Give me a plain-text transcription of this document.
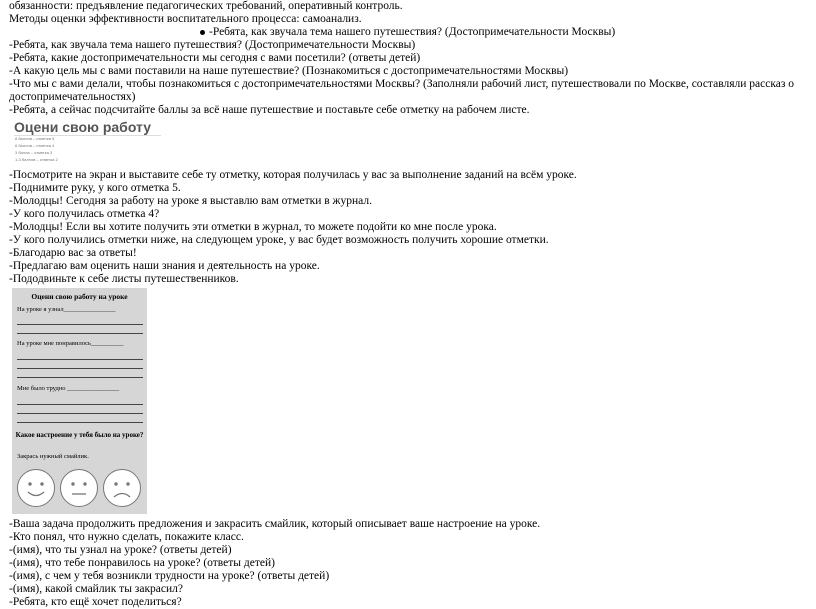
обязанности: предъявление педагогических требований, оперативный контроль.
Методы оценки эффективности воспитательного процесса: самоанализ.
-Ребята, как звучала тема нашего путешествия? (Достопримечательности Москвы)
-Ребята, как звучала тема нашего путешествия? (Достопримечательности Москвы)
-Ребята, какие достопримечательности мы сегодня с вами посетили? (ответы детей)
-А какую цель мы с вами поставили на наше путешествие? (Познакомиться с достопримечательностями Москвы)
-Что мы с вами делали, чтобы познакомиться с достопримечательностями Москвы? (Заполняли рабочий лист, путешествовали по Москве, составляли рассказ о
достопримечательностях)
-Ребята, а сейчас подсчитайте баллы за всё наше путешествие и поставьте себе отметку на рабочем листе.
Оцени свою работу
8 баллов – отметка 5
6 баллов – отметка 4
3 балла – отметка 3
1-3 баллов – отметка 2
-Посмотрите на экран и выставите себе ту отметку, которая получилась у вас за выполнение заданий на всём уроке.
-Поднимите руку, у кого отметка 5.
-Молодцы! Сегодня за работу на уроке я выставлю вам отметки в журнал.
-У кого получилась отметка 4?
-Молодцы! Если вы хотите получить эти отметки в журнал, то можете подойти ко мне после урока.
-У кого получились отметки ниже, на следующем уроке, у вас будет возможность получить хорошие отметки.
-Благодарю вас за ответы!
-Предлагаю вам оценить наши знания и деятельность на уроке.
-Пододвиньте к себе листы путешественников.
Оцени свою работу на уроке
На уроке я узнал________________
На уроке мне понравилось__________
Мне было трудно ________________
Какое настроение у тебя было на уроке?
Закрась нужный смайлик.
-Ваша задача продолжить предложения и закрасить смайлик, который описывает ваше настроение на уроке.
-Кто понял, что нужно сделать, покажите класс.
-(имя), что ты узнал на уроке? (ответы детей)
-(имя), что тебе понравилось на уроке? (ответы детей)
-(имя), с чем у тебя возникли трудности на уроке? (ответы детей)
-(имя), какой смайлик ты закрасил?
-Ребята, кто ещё хочет поделиться?
